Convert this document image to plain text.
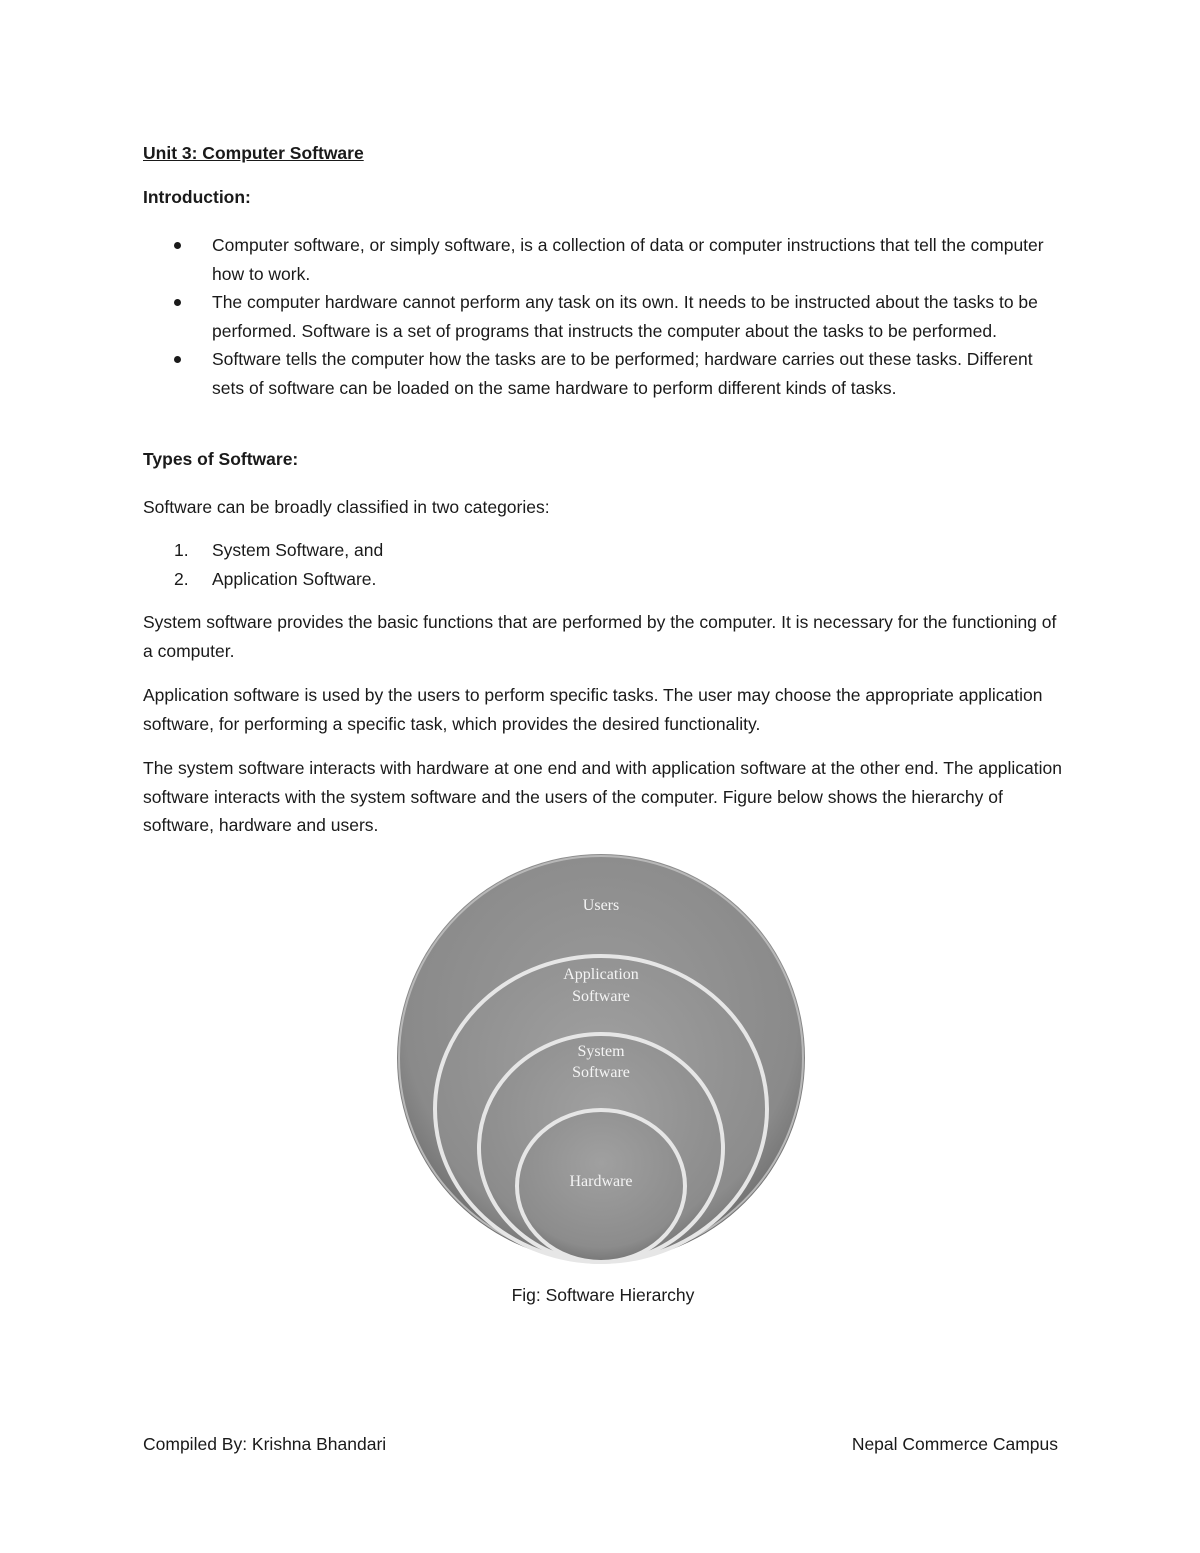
Unit 3: Computer Software
Introduction:
Computer software, or simply software, is a collection of data or computer instructions that tell the computer how to work.
The computer hardware cannot perform any task on its own. It needs to be instructed about the tasks to be performed. Software is a set of programs that instructs the computer about the tasks to be performed.
Software tells the computer how the tasks are to be performed; hardware carries out these tasks. Different sets of software can be loaded on the same hardware to perform different kinds of tasks.
Types of Software:

Software can be broadly classified in two categories:

1. System Software, and
2. Application Software.

System software provides the basic functions that are performed by the computer. It is necessary for the functioning of a computer.

Application software is used by the users to perform specific tasks. The user may choose the appropriate application software, for performing a specific task, which provides the desired functionality.

The system software interacts with hardware at one end and with application software at the other end. The application software interacts with the system software and the users of the computer. Figure below shows the hierarchy of software, hardware and users.

Users
Application
Software
System
Software
Hardware
Fig: Software Hierarchy
Compiled By: Krishna Bhandari	Nepal Commerce Campus
